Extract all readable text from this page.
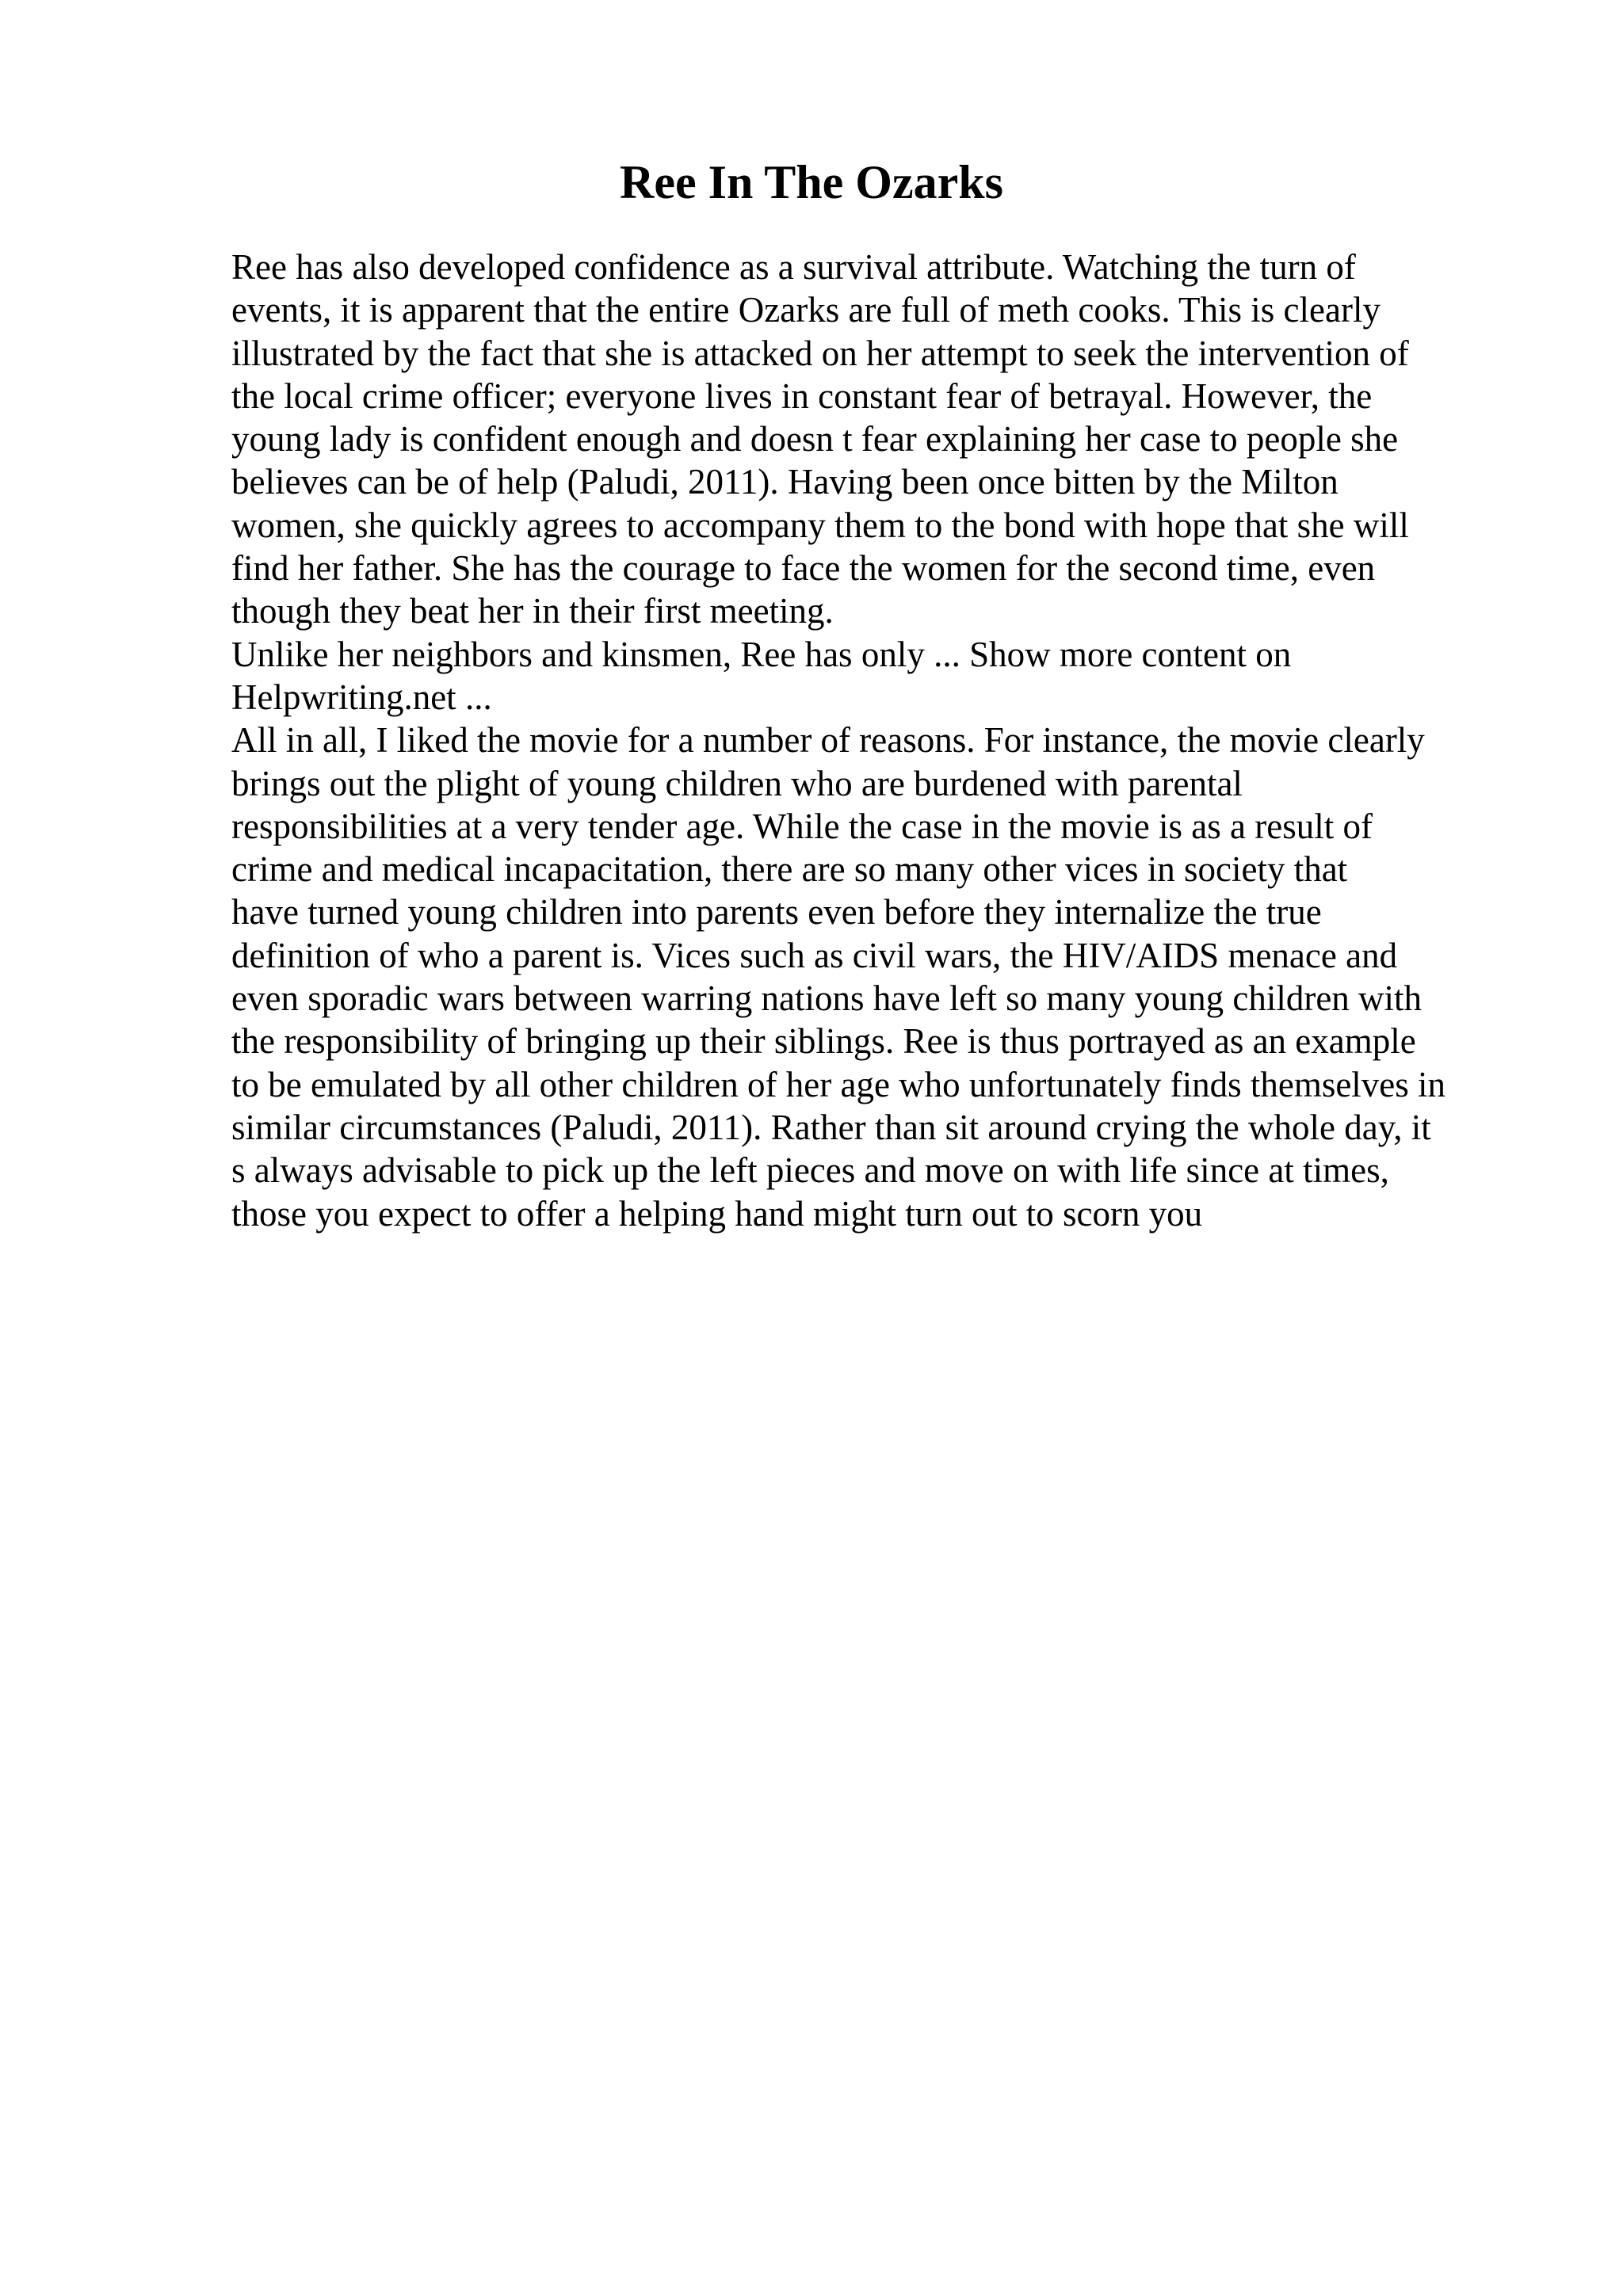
Ree In The Ozarks
Ree has also developed confidence as a survival attribute. Watching the turn of
events, it is apparent that the entire Ozarks are full of meth cooks. This is clearly
illustrated by the fact that she is attacked on her attempt to seek the intervention of
the local crime officer; everyone lives in constant fear of betrayal. However, the
young lady is confident enough and doesn t fear explaining her case to people she
believes can be of help (Paludi, 2011). Having been once bitten by the Milton
women, she quickly agrees to accompany them to the bond with hope that she will
find her father. She has the courage to face the women for the second time, even
though they beat her in their first meeting.
Unlike her neighbors and kinsmen, Ree has only ... Show more content on
Helpwriting.net ...
All in all, I liked the movie for a number of reasons. For instance, the movie clearly
brings out the plight of young children who are burdened with parental
responsibilities at a very tender age. While the case in the movie is as a result of
crime and medical incapacitation, there are so many other vices in society that
have turned young children into parents even before they internalize the true
definition of who a parent is. Vices such as civil wars, the HIV/AIDS menace and
even sporadic wars between warring nations have left so many young children with
the responsibility of bringing up their siblings. Ree is thus portrayed as an example
to be emulated by all other children of her age who unfortunately finds themselves in
similar circumstances (Paludi, 2011). Rather than sit around crying the whole day, it
s always advisable to pick up the left pieces and move on with life since at times,
those you expect to offer a helping hand might turn out to scorn you
